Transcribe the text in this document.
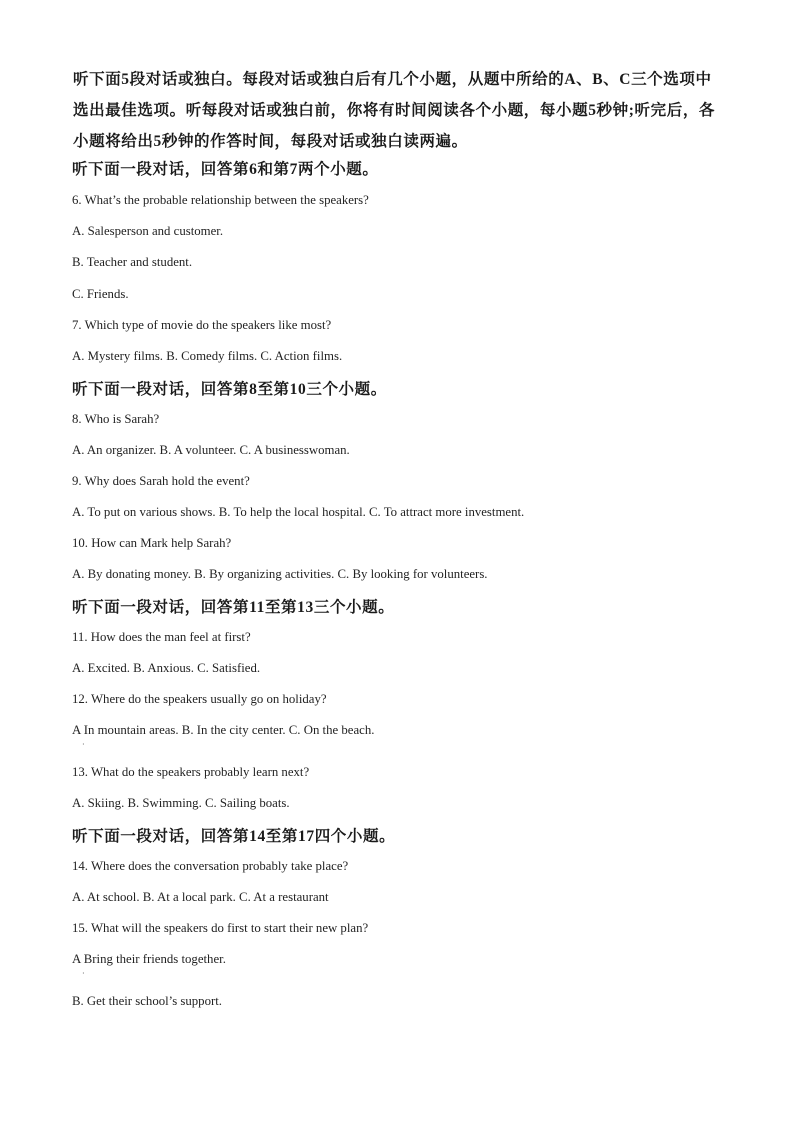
听下面5段对话或独白。每段对话或独白后有几个小题，从题中所给的A、B、C三个选项中选出最佳选项。听每段对话或独白前，你将有时间阅读各个小题，每小题5秒钟;听完后，各小题将给出5秒钟的作答时间，每段对话或独白读两遍。

听下面一段对话，回答第6和第7两个小题。
6. What’s the probable relationship between the speakers?
A. Salesperson and customer.
B. Teacher and student.
C. Friends.
7. Which type of movie do the speakers like most?
A. Mystery films. B. Comedy films. C. Action films.
听下面一段对话，回答第8至第10三个小题。
8. Who is Sarah?
A. An organizer. B. A volunteer. C. A businesswoman.
9. Why does Sarah hold the event?
A. To put on various shows. B. To help the local hospital. C. To attract more investment.
10. How can Mark help Sarah?
A. By donating money. B. By organizing activities. C. By looking for volunteers.
听下面一段对话，回答第11至第13三个小题。
11. How does the man feel at first?
A. Excited. B. Anxious. C. Satisfied.
12. Where do the speakers usually go on holiday?
A In mountain areas. B. In the city center. C. On the beach.
·
13. What do the speakers probably learn next?
A. Skiing. B. Swimming. C. Sailing boats.
听下面一段对话，回答第14至第17四个小题。
14. Where does the conversation probably take place?
A. At school. B. At a local park. C. At a restaurant
15. What will the speakers do first to start their new plan?
A Bring their friends together.
·
B. Get their school’s support.
